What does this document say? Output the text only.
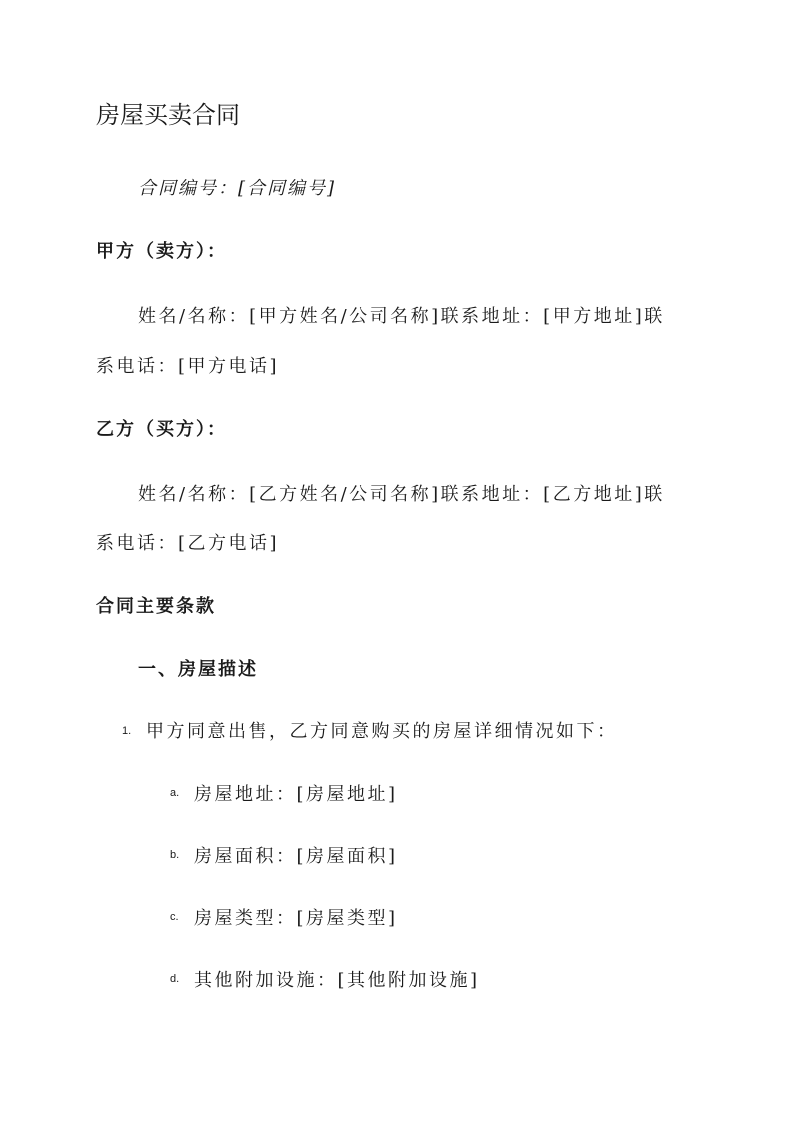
房屋买卖合同
合同编号：[合同编号]
甲方（卖方）：
姓名/名称：[甲方姓名/公司名称]联系地址：[甲方地址]联
系电话：[甲方电话]
乙方（买方）：
姓名/名称：[乙方姓名/公司名称]联系地址：[乙方地址]联
系电话：[乙方电话]
合同主要条款
一、房屋描述
1. 甲方同意出售，乙方同意购买的房屋详细情况如下：
a. 房屋地址：[房屋地址]
b. 房屋面积：[房屋面积]
c. 房屋类型：[房屋类型]
d. 其他附加设施：[其他附加设施]
